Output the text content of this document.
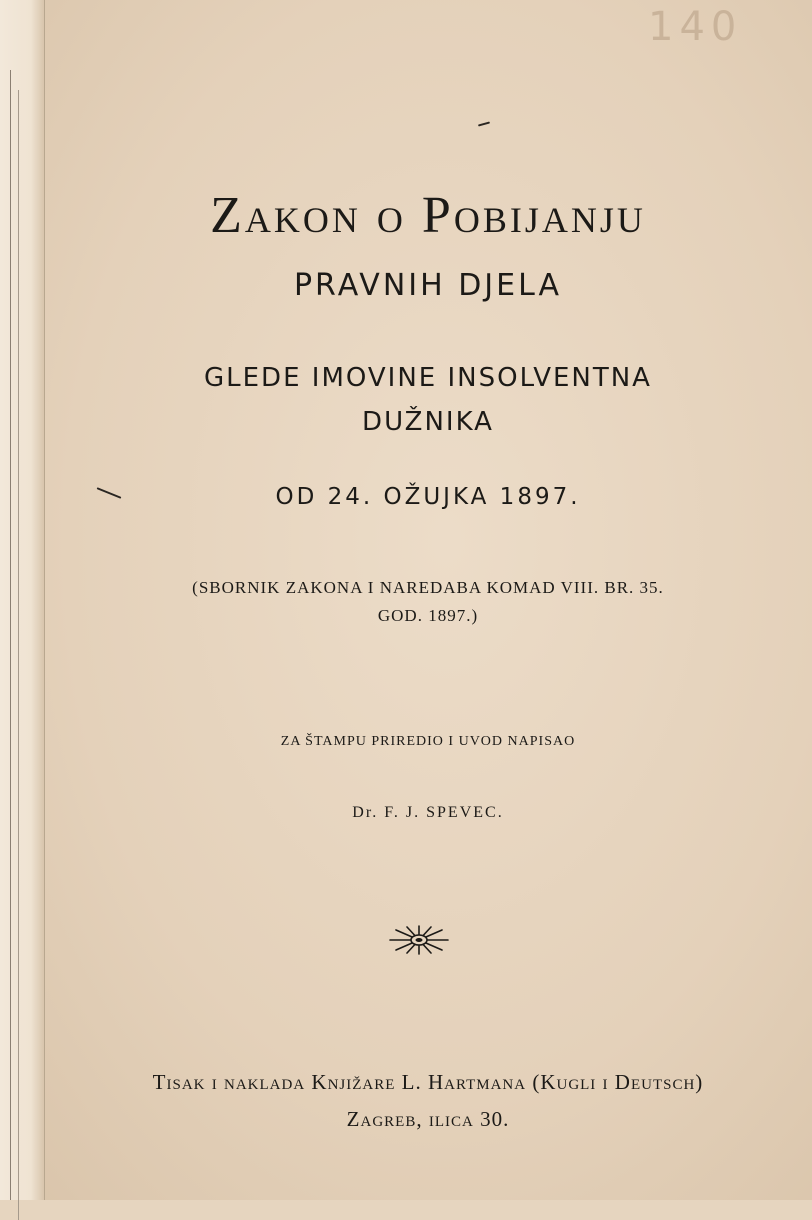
140
Zakon o Pobijanju
PRAVNIH DJELA
GLEDE IMOVINE INSOLVENTNA
DUŽNIKA
OD 24. OŽUJKA 1897.
(SBORNIK ZAKONA I NAREDABA KOMAD VIII. BR. 35.
GOD. 1897.)
ZA ŠTAMPU PRIREDIO I UVOD NAPISAO
Dr. F. J. SPEVEC.
Tisak i naklada Knjižare L. Hartmana (Kugli i Deutsch)
Zagreb, ilica 30.
